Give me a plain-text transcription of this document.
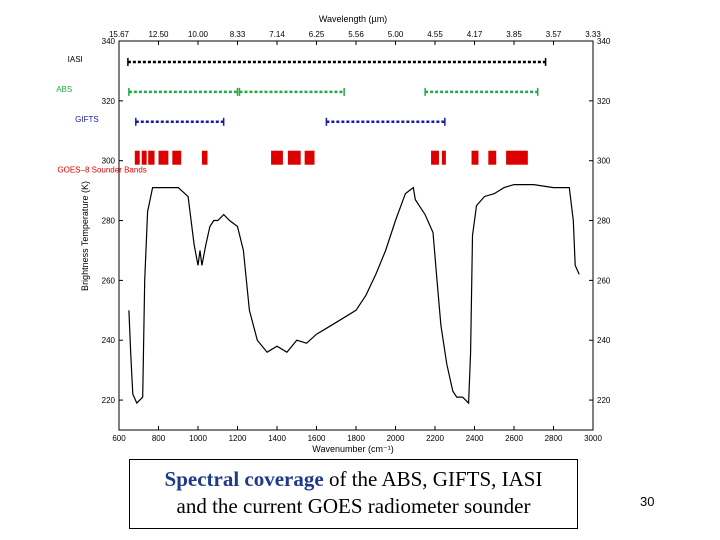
600	800	1000	1200	1400	1600	1800	2000	2200	2400	2600	2800	3000
15.67 12.50 10.00	8.33	7.14	6.25	5.56	5.00	4.55	4.17	3.85	3.57	3.33
220	220
240	240
260	260
280	280
300	300
320	320
340	340
Wavelength (µm)
Wavenumber (cm⁻¹)
Brightness Temperature (K)
IASI
ABS
GIFTS
GOES–8 Sounder Bands
Spectral coverage of the ABS, GIFTS, IASI
and the current GOES radiometer sounder	30
